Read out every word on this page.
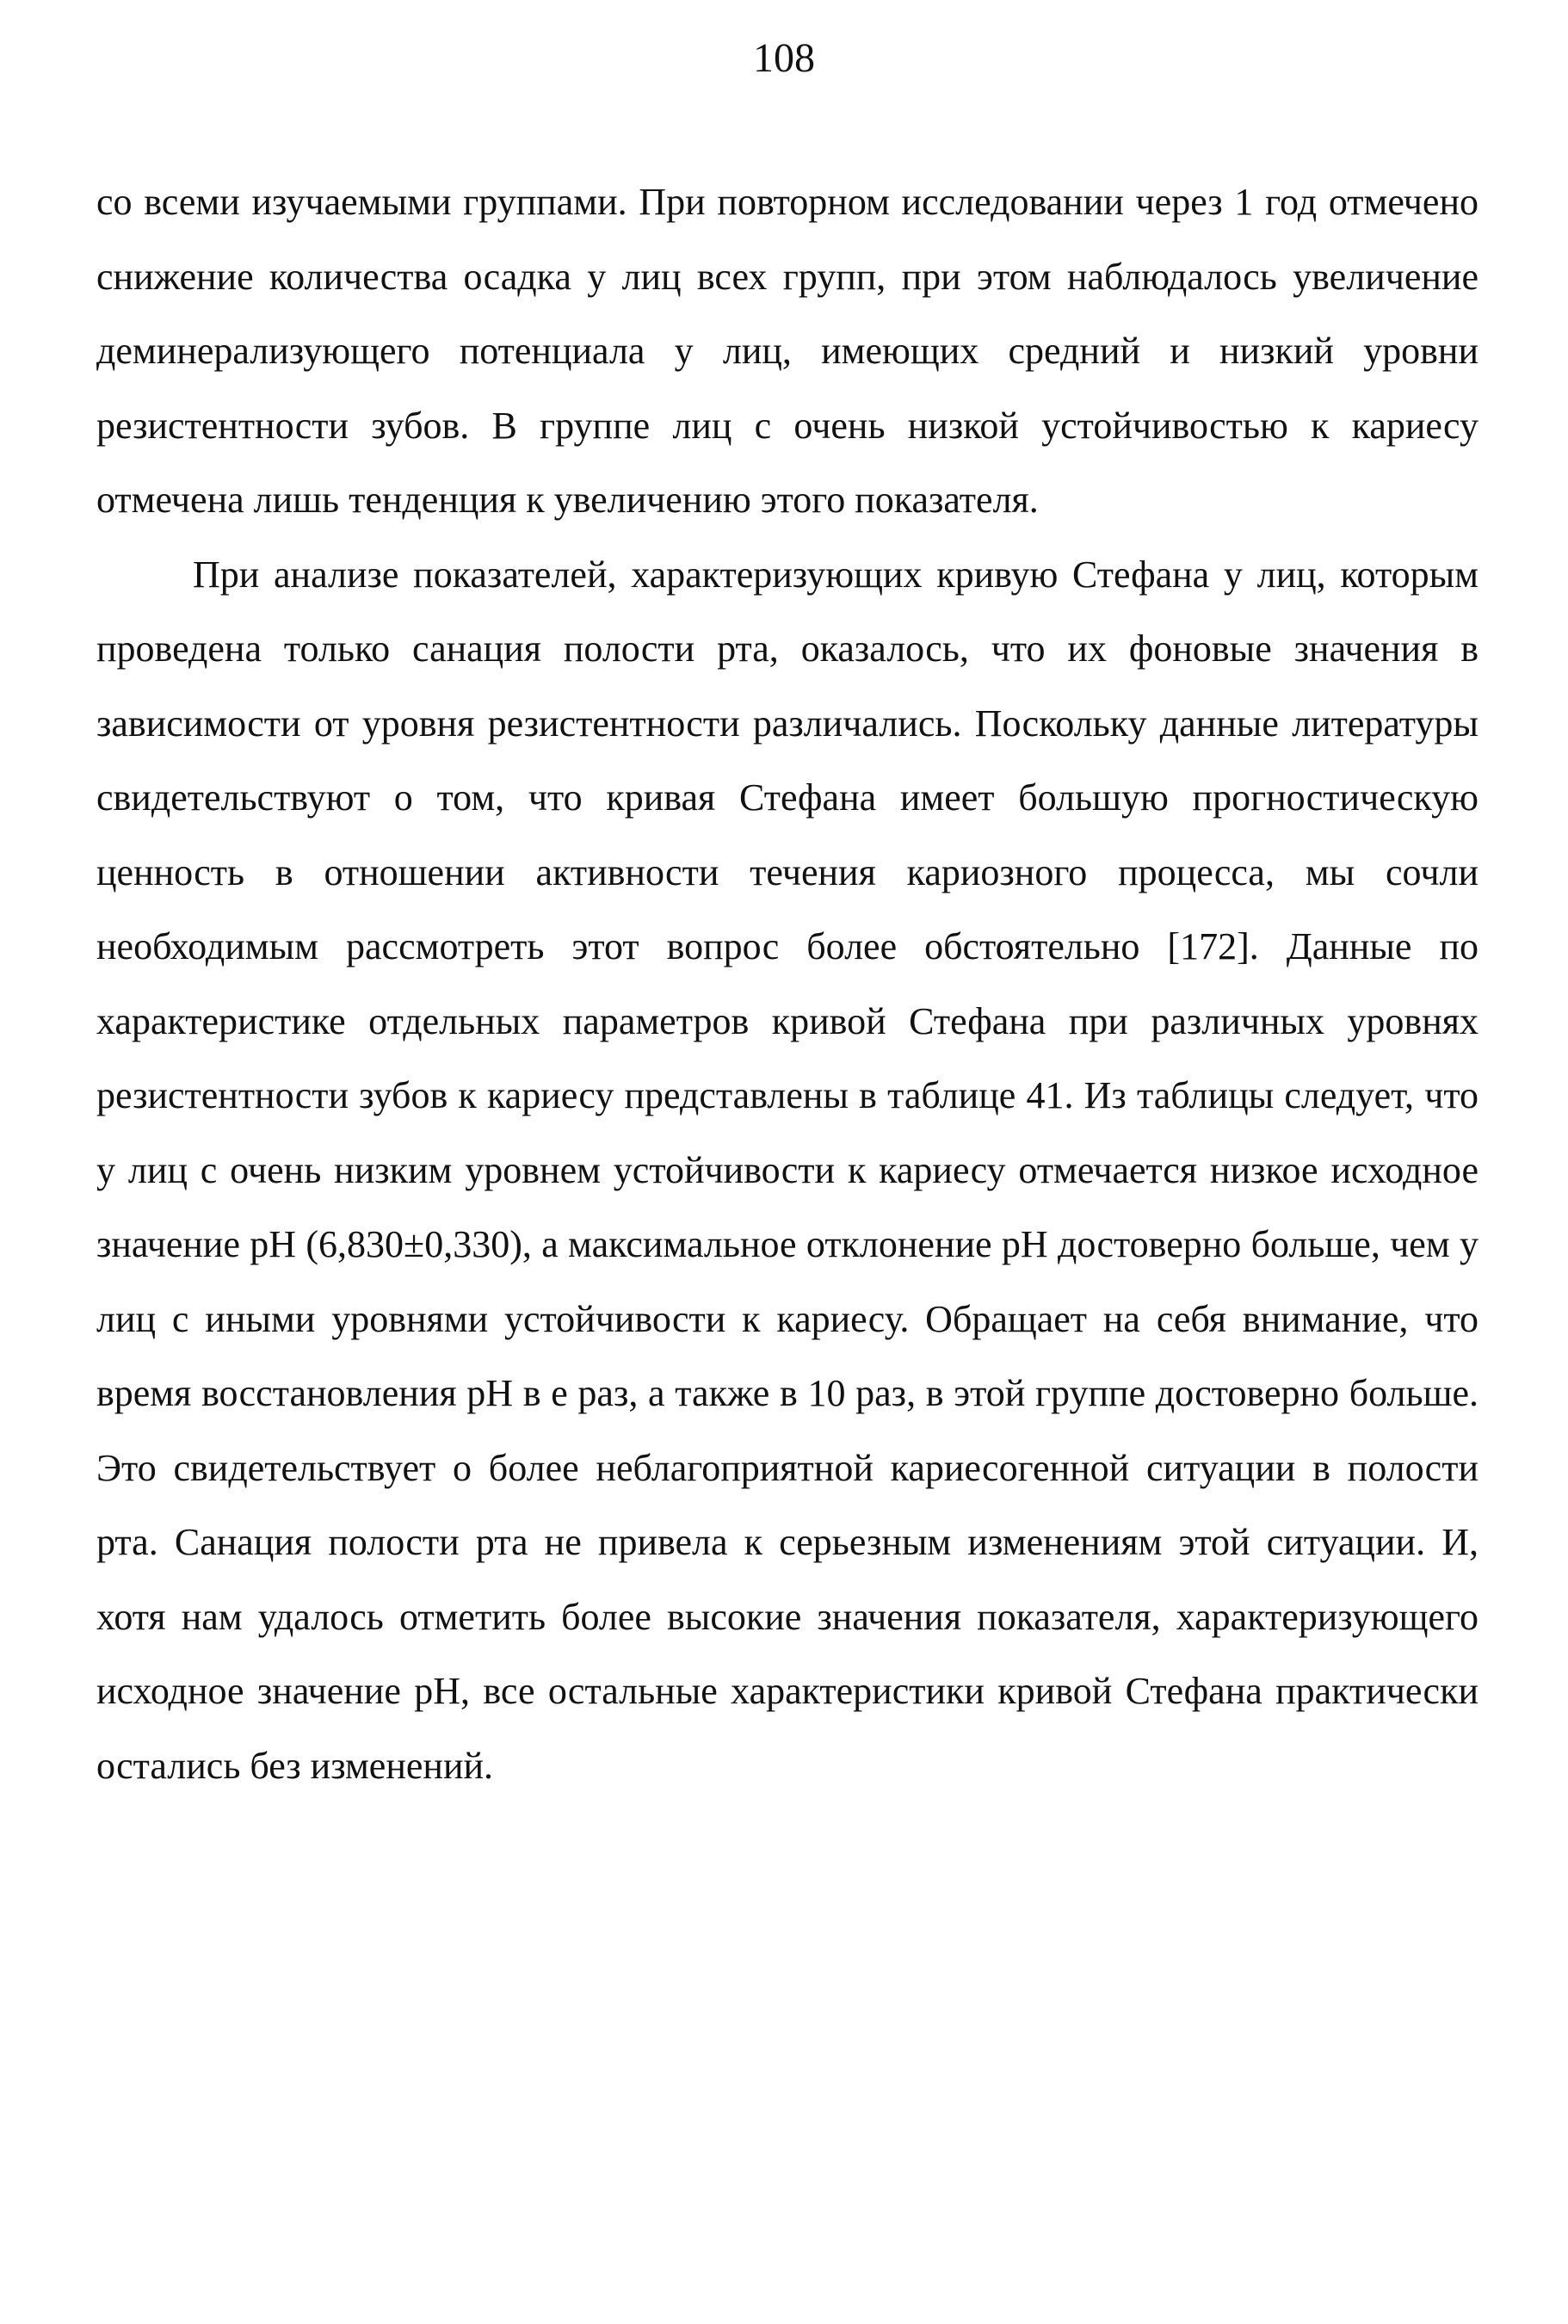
108

со всеми изучаемыми группами. При повторном исследовании через 1 год отмечено снижение количества осадка у лиц всех групп, при этом наблюдалось увеличение деминерализующего потенциала у лиц, имеющих средний и низкий уровни резистентности зубов. В группе лиц с очень низкой устойчивостью к кариесу отмечена лишь тенденция к увеличению этого показателя.

При анализе показателей, характеризующих кривую Стефана у лиц, которым проведена только санация полости рта, оказалось, что их фоновые значения в зависимости от уровня резистентности различались. Поскольку данные литературы свидетельствуют о том, что кривая Стефана имеет большую прогностическую ценность в отношении активности течения кариозного процесса, мы сочли необходимым рассмотреть этот вопрос более обстоятельно [172]. Данные по характеристике отдельных параметров кривой Стефана при различных уровнях резистентности зубов к кариесу представлены в таблице 41. Из таблицы следует, что у лиц с очень низким уровнем устойчивости к кариесу отмечается низкое исходное значение рН (6,830±0,330), а максимальное отклонение рН достоверно больше, чем у лиц с иными уровнями устойчивости к кариесу. Обращает на себя внимание, что время восстановления рН в е раз, а также в 10 раз, в этой группе достоверно больше. Это свидетельствует о более неблагоприятной кариесогенной ситуации в полости рта. Санация полости рта не привела к серьезным изменениям этой ситуации. И, хотя нам удалось отметить более высокие значения показателя, характеризующего исходное значение рН, все остальные характеристики кривой Стефана практически остались без изменений.
